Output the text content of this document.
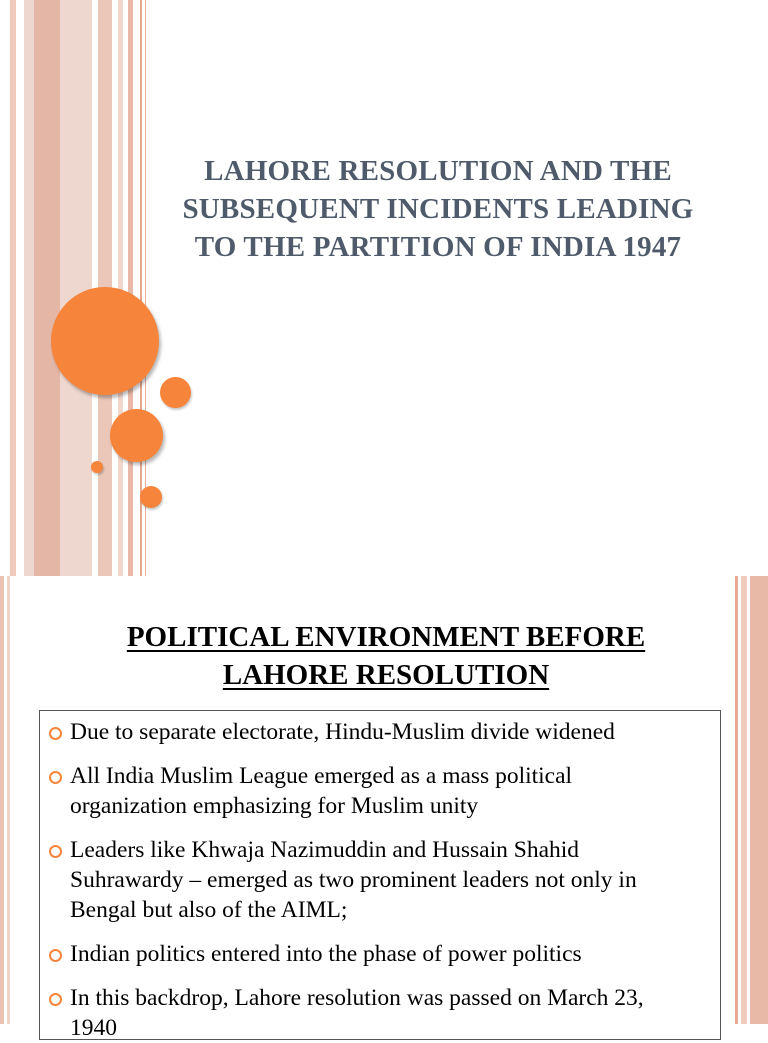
LAHORE RESOLUTION AND THE
SUBSEQUENT INCIDENTS LEADING
TO THE PARTITION OF INDIA 1947
POLITICAL ENVIRONMENT BEFORE
LAHORE RESOLUTION
Due to separate electorate, Hindu-Muslim divide widened
All India Muslim League emerged as a mass political
organization emphasizing for Muslim unity
Leaders like Khwaja Nazimuddin and Hussain Shahid
Suhrawardy – emerged as two prominent leaders not only in
Bengal but also of the AIML;
Indian politics entered into the phase of power politics
In this backdrop, Lahore resolution was passed on March 23,
1940
